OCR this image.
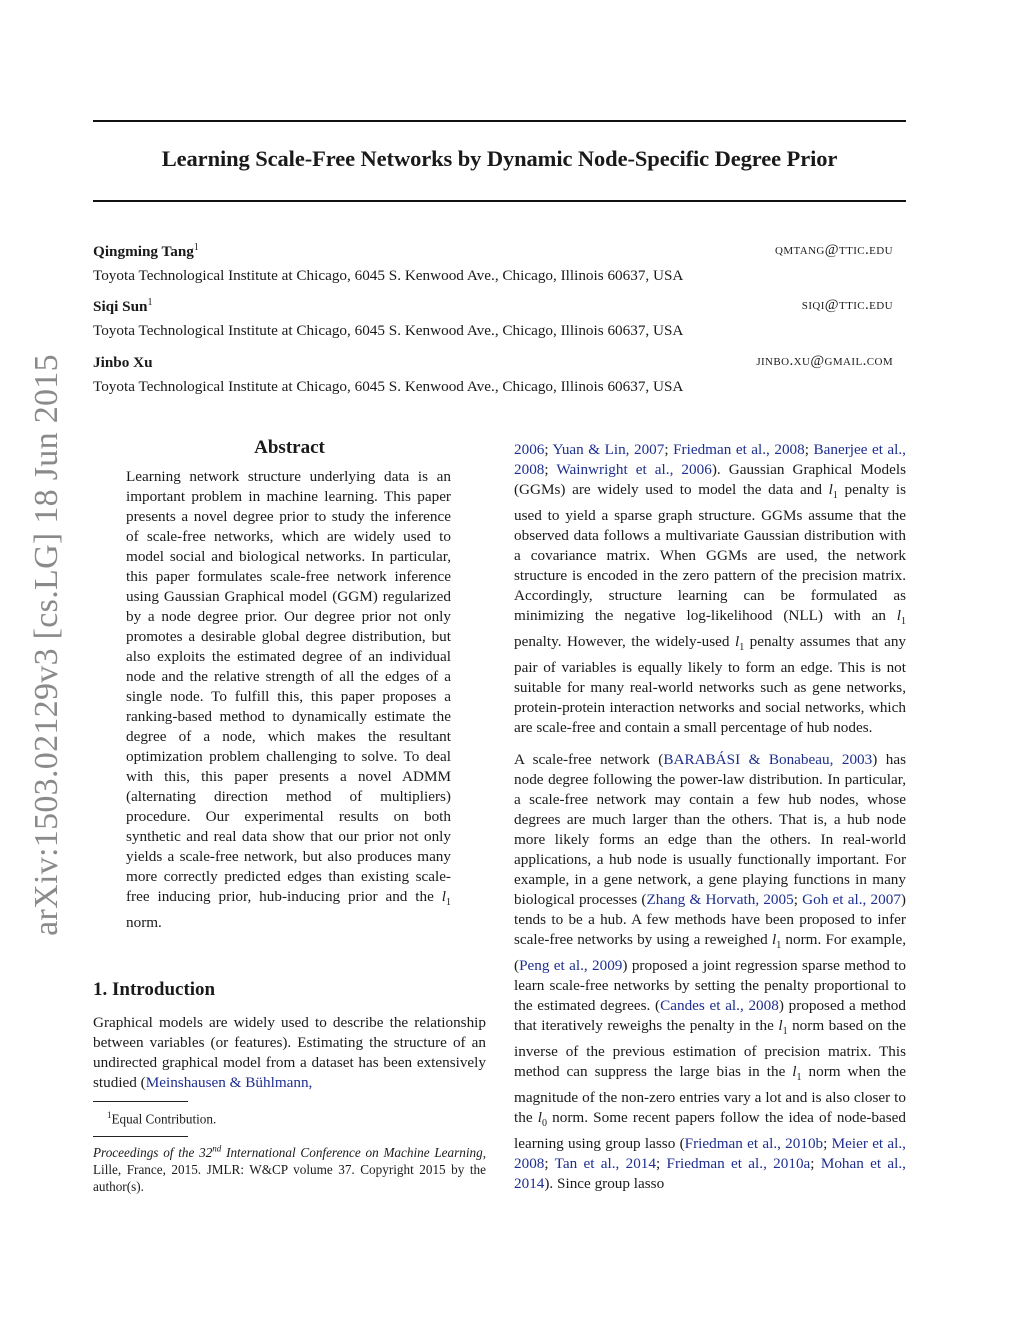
Learning Scale-Free Networks by Dynamic Node-Specific Degree Prior
arXiv:1503.02129v3 [cs.LG] 18 Jun 2015
Qingming Tang$^1$	qmtang@ttic.edu
Toyota Technological Institute at Chicago, 6045 S. Kenwood Ave., Chicago, Illinois 60637, USA
Siqi Sun$^1$	siqi@ttic.edu
Toyota Technological Institute at Chicago, 6045 S. Kenwood Ave., Chicago, Illinois 60637, USA
Jinbo Xu	jinbo.xu@gmail.com
Toyota Technological Institute at Chicago, 6045 S. Kenwood Ave., Chicago, Illinois 60637, USA
Abstract
Learning network structure underlying data is an important problem in machine learning. This paper presents a novel degree prior to study the inference of scale-free networks, which are widely used to model social and biological networks. In particular, this paper formulates scale-free network inference using Gaussian Graphical model (GGM) regularized by a node degree prior. Our degree prior not only promotes a desirable global degree distribution, but also exploits the estimated degree of an individual node and the relative strength of all the edges of a single node. To fulfill this, this paper proposes a ranking-based method to dynamically estimate the degree of a node, which makes the resultant optimization problem challenging to solve. To deal with this, this paper presents a novel ADMM (alternating direction method of multipliers) procedure. Our experimental results on both synthetic and real data show that our prior not only yields a scale-free network, but also produces many more correctly predicted edges than existing scale-free inducing prior, hub-inducing prior and the $l_1$ norm.
1. Introduction
Graphical models are widely used to describe the relationship between variables (or features). Estimating the structure of an undirected graphical model from a dataset has been extensively studied (Meinshausen & Bühlmann,
$^1$Equal Contribution.
Proceedings of the 32nd International Conference on Machine Learning, Lille, France, 2015. JMLR: W&CP volume 37. Copyright 2015 by the author(s).
2006; Yuan & Lin, 2007; Friedman et al., 2008; Banerjee et al., 2008; Wainwright et al., 2006). Gaussian Graphical Models (GGMs) are widely used to model the data and $l_1$ penalty is used to yield a sparse graph structure. GGMs assume that the observed data follows a multivariate Gaussian distribution with a covariance matrix. When GGMs are used, the network structure is encoded in the zero pattern of the precision matrix. Accordingly, structure learning can be formulated as minimizing the negative log-likelihood (NLL) with an $l_1$ penalty. However, the widely-used $l_1$ penalty assumes that any pair of variables is equally likely to form an edge. This is not suitable for many real-world networks such as gene networks, protein-protein interaction networks and social networks, which are scale-free and contain a small percentage of hub nodes.
A scale-free network (BARABÁSI & Bonabeau, 2003) has node degree following the power-law distribution. In particular, a scale-free network may contain a few hub nodes, whose degrees are much larger than the others. That is, a hub node more likely forms an edge than the others. In real-world applications, a hub node is usually functionally important. For example, in a gene network, a gene playing functions in many biological processes (Zhang & Horvath, 2005; Goh et al., 2007) tends to be a hub. A few methods have been proposed to infer scale-free networks by using a reweighed $l_1$ norm. For example, (Peng et al., 2009) proposed a joint regression sparse method to learn scale-free networks by setting the penalty proportional to the estimated degrees. (Candes et al., 2008) proposed a method that iteratively reweighs the penalty in the $l_1$ norm based on the inverse of the previous estimation of precision matrix. This method can suppress the large bias in the $l_1$ norm when the magnitude of the non-zero entries vary a lot and is also closer to the $l_0$ norm. Some recent papers follow the idea of node-based learning using group lasso (Friedman et al., 2010b; Meier et al., 2008; Tan et al., 2014; Friedman et al., 2010a; Mohan et al., 2014). Since group lasso
